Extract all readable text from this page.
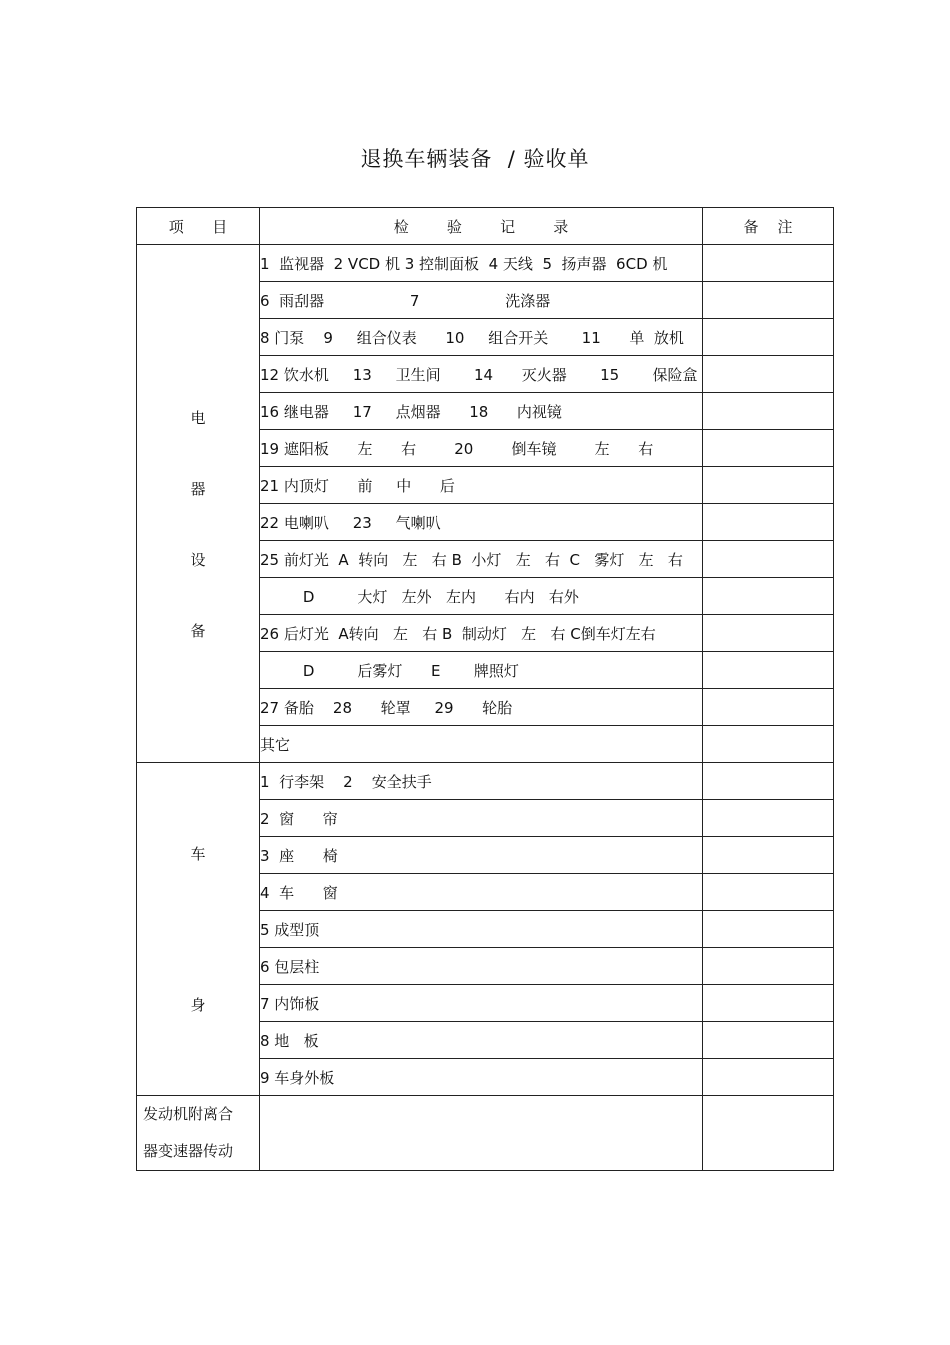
退换车辆装备  / 验收单
项      目	检        验        记        录	备    注

电
器
设
备	1  监视器  2 VCD 机 3 控制面板  4 天线  5  扬声器  6CD 机	
	6  雨刮器                  7                  洗涤器	
	8 门泵    9     组合仪表      10     组合开关       11      单  放机	
	12 饮水机     13     卫生间       14      灭火器       15       保险盒	
	16 继电器     17     点烟器      18      内视镜	
	19 遮阳板      左      右        20        倒车镜        左      右	
	21 内顶灯      前     中      后	
	22 电喇叭     23     气喇叭	
	25 前灯光  A  转向   左   右 B  小灯   左   右  C   雾灯   左   右	
	D         大灯   左外   左内      右内   右外	
	26 后灯光  A转向   左   右 B  制动灯   左   右 C倒车灯左右	
	D         后雾灯      E       牌照灯	
	27 备胎    28      轮罩     29      轮胎	
	其它	

车
身	1  行李架    2    安全扶手	
	2  窗      帘	
	3  座      椅	
	4  车      窗	
	5 成型顶	
	6 包层柱	
	7 内饰板	
	8 地   板	
	9 车身外板	

发动机附离合
器变速器传动		
